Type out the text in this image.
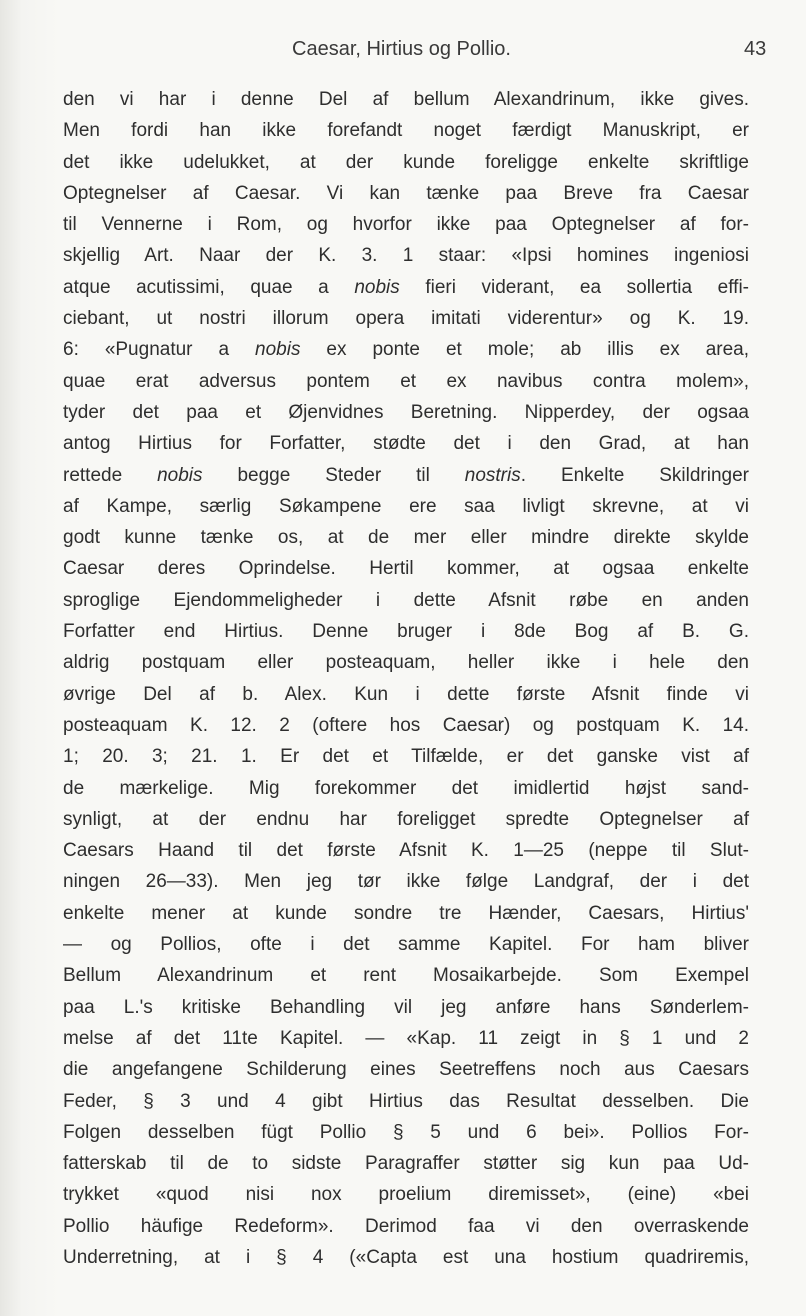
Caesar, Hirtius og Pollio.	43
den vi har i denne Del af bellum Alexandrinum, ikke gives.
Men fordi han ikke forefandt noget færdigt Manuskript, er
det ikke udelukket, at der kunde foreligge enkelte skriftlige
Optegnelser af Caesar. Vi kan tænke paa Breve fra Caesar
til Vennerne i Rom, og hvorfor ikke paa Optegnelser af for-
skjellig Art. Naar der K. 3. 1 staar: «Ipsi homines ingeniosi
atque acutissimi, quae a nobis fieri viderant, ea sollertia effi-
ciebant, ut nostri illorum opera imitati viderentur» og K. 19.
6: «Pugnatur a nobis ex ponte et mole; ab illis ex area,
quae erat adversus pontem et ex navibus contra molem»,
tyder det paa et Øjenvidnes Beretning. Nipperdey, der ogsaa
antog Hirtius for Forfatter, stødte det i den Grad, at han
rettede nobis begge Steder til nostris. Enkelte Skildringer
af Kampe, særlig Søkampene ere saa livligt skrevne, at vi
godt kunne tænke os, at de mer eller mindre direkte skylde
Caesar deres Oprindelse. Hertil kommer, at ogsaa enkelte
sproglige Ejendommeligheder i dette Afsnit røbe en anden
Forfatter end Hirtius. Denne bruger i 8de Bog af B. G.
aldrig postquam eller posteaquam, heller ikke i hele den
øvrige Del af b. Alex. Kun i dette første Afsnit finde vi
posteaquam K. 12. 2 (oftere hos Caesar) og postquam K. 14.
1; 20. 3; 21. 1. Er det et Tilfælde, er det ganske vist af
de mærkelige. Mig forekommer det imidlertid højst sand-
synligt, at der endnu har foreligget spredte Optegnelser af
Caesars Haand til det første Afsnit K. 1—25 (neppe til Slut-
ningen 26—33). Men jeg tør ikke følge Landgraf, der i det
enkelte mener at kunde sondre tre Hænder, Caesars, Hirtius'
— og Pollios, ofte i det samme Kapitel. For ham bliver
Bellum Alexandrinum et rent Mosaikarbejde. Som Exempel
paa L.'s kritiske Behandling vil jeg anføre hans Sønderlem-
melse af det 11te Kapitel. — «Kap. 11 zeigt in § 1 und 2
die angefangene Schilderung eines Seetreffens noch aus Caesars
Feder, § 3 und 4 gibt Hirtius das Resultat desselben. Die
Folgen desselben fügt Pollio § 5 und 6 bei». Pollios For-
fatterskab til de to sidste Paragraffer støtter sig kun paa Ud-
trykket «quod nisi nox proelium diremisset», (eine) «bei
Pollio häufige Redeform». Derimod faa vi den overraskende
Underretning, at i § 4 («Capta est una hostium quadriremis,
